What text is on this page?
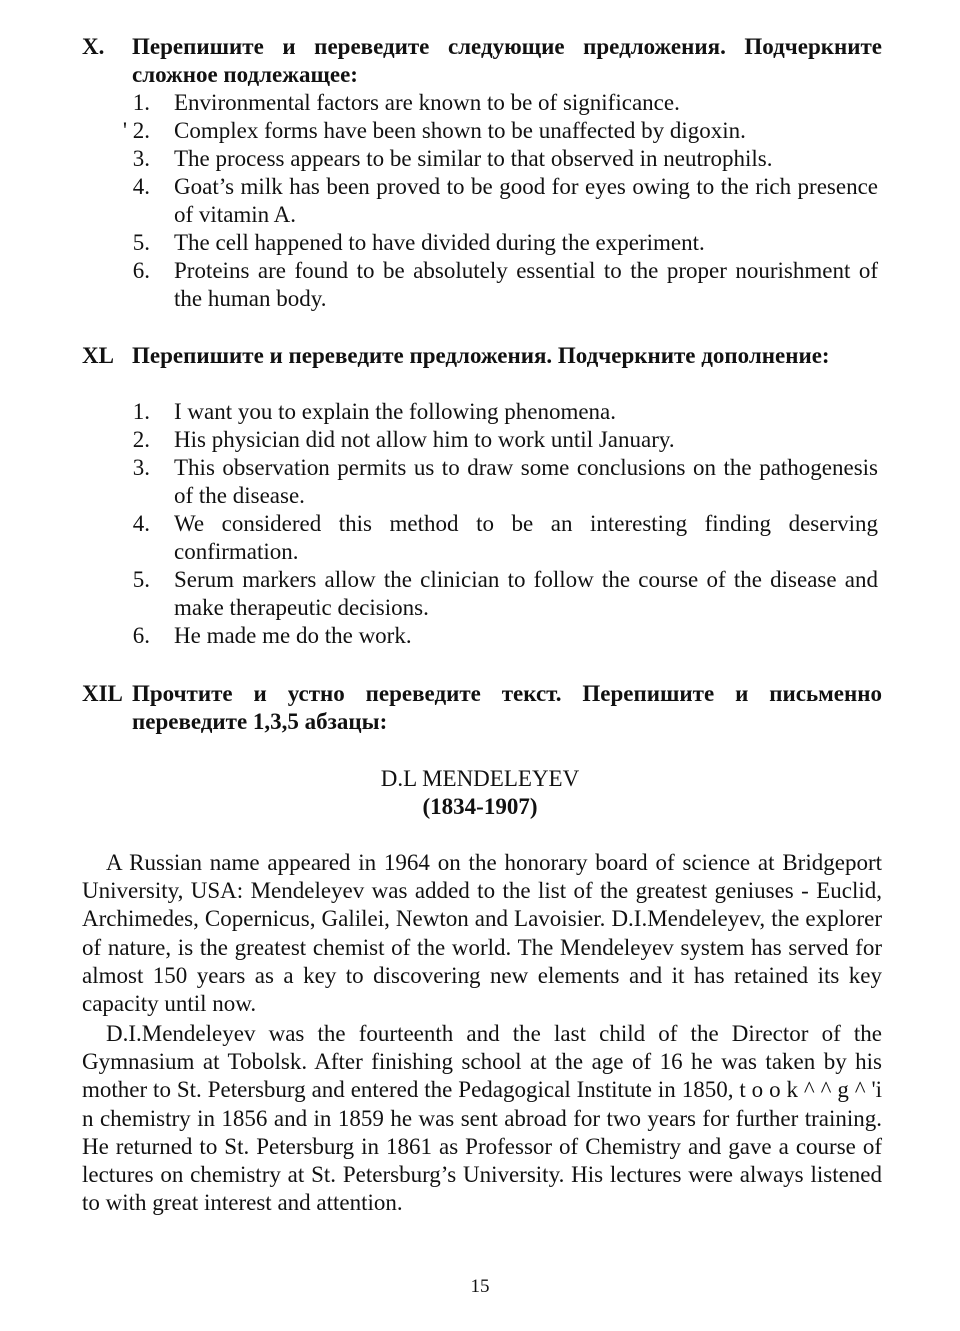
X. Перепишите и переведите следующие предложения. Подчеркните сложное подлежащее:
1. Environmental factors are known to be of significance.
' 2. Complex forms have been shown to be unaffected by digoxin.
3. The process appears to be similar to that observed in neutrophils.
4. Goat’s milk has been proved to be good for eyes owing to the rich presence of vitamin A.
5. The cell happened to have divided during the experiment.
6. Proteins are found to be absolutely essential to the proper nourishment of the human body.
XL Перепишите и переведите предложения. Подчеркните дополнение:
1. I want you to explain the following phenomena.
2. His physician did not allow him to work until January.
3. This observation permits us to draw some conclusions on the pathogenesis of the disease.
4. We considered this method to be an interesting finding deserving confirmation.
5. Serum markers allow the clinician to follow the course of the disease and make therapeutic decisions.
6. He made me do the work.
XIL Прочтите и устно переведите текст. Перепишите и письменно переведите 1,3,5 абзацы:
D.L MENDELEYEV
(1834-1907)
A Russian name appeared in 1964 on the honorary board of science at Bridgeport University, USA: Mendeleyev was added to the list of the greatest geniuses - Euclid, Archimedes, Copernicus, Galilei, Newton and Lavoisier. D.I.Mendeleyev, the explorer of nature, is the greatest chemist of the world. The Mendeleyev system has served for almost 150 years as a key to discovering new elements and it has retained its key capacity until now.
D.I.Mendeleyev was the fourteenth and the last child of the Director of the Gymnasium at Tobolsk. After finishing school at the age of 16 he was taken by his mother to St. Petersburg and entered the Pedagogical Institute in 1850, t o o k ^ ^ g ^ 'i n chemistry in 1856 and in 1859 he was sent abroad for two years for further training. He returned to St. Petersburg in 1861 as Professor of Chemistry and gave a course of lectures on chemistry at St. Petersburg’s University. His lectures were always listened to with great interest and attention.
15
